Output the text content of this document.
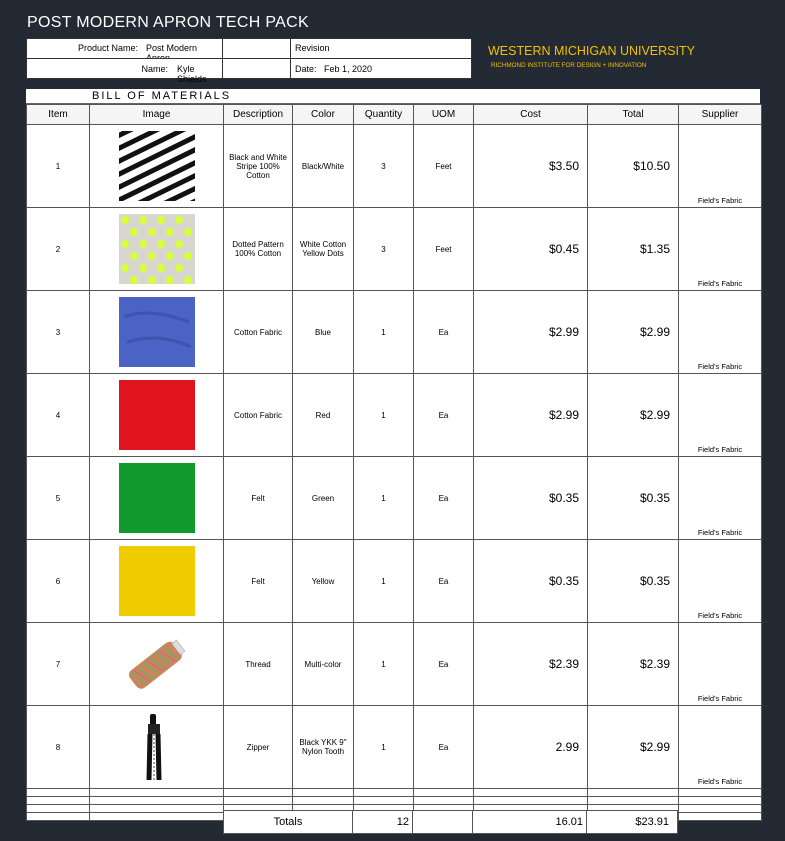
POST MODERN APRON TECH PACK
Product Name: Post Modern	Revision
Name: Kyle Shields
Date: Feb 1, 2020
WESTERN MICHIGAN UNIVERSITY
RICHMOND INSTITUTE FOR DESIGN + INNOVATION
BILL OF MATERIALS
Item	Image	Description	Color	Quantity	UOM	Cost	Total	Supplier
1		Black and White Stripe 100% Cotton	Black/White	3	Feet	$3.50	$10.50	Field's Fabric
2		Dotted Pattern 100% Cotton	White Cotton Yellow Dots	3	Feet	$0.45	$1.35	Field's Fabric
3		Cotton Fabric	Blue	1	Ea	$2.99	$2.99	Field's Fabric
4		Cotton Fabric	Red	1	Ea	$2.99	$2.99	Field's Fabric
5		Felt	Green	1	Ea	$0.35	$0.35	Field's Fabric
6		Felt	Yellow	1	Ea	$0.35	$0.35	Field's Fabric
7		Thread	Multi-color	1	Ea	$2.39	$2.39	Field's Fabric
8		Zipper	Black YKK 9" Nylon Tooth	1	Ea	2.99	$2.99	Field's Fabric

Totals	12		16.01	$23.91
